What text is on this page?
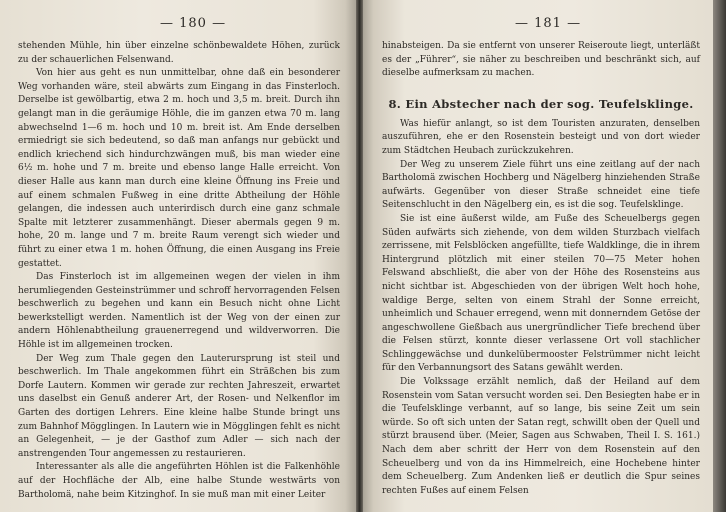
— 180 —

stehenden Mühle, hin über einzelne schönbewaldete Höhen, zurück zu der schauerlichen Felsenwand.

Von hier aus geht es nun unmittelbar, ohne daß ein besonderer Weg vorhanden wäre, steil abwärts zum Eingang in das Finsterloch. Derselbe ist gewölbartig, etwa 2 m. hoch und 3,5 m. breit. Durch ihn gelangt man in die geräumige Höhle, die im ganzen etwa 70 m. lang abwechselnd 1—6 m. hoch und 10 m. breit ist. Am Ende derselben ermiedrigt sie sich bedeutend, so daß man anfangs nur gebückt und endlich kriechend sich hindurchzwängen muß, bis man wieder eine 6½ m. hohe und 7 m. breite und ebenso lange Halle erreicht. Von dieser Halle aus kann man durch eine kleine Öffnung ins Freie und auf einem schmalen Fußweg in eine dritte Abtheilung der Höhle gelangen, die indessen auch unterirdisch durch eine ganz schmale Spalte mit letzterer zusammenhängt. Dieser abermals gegen 9 m. hohe, 20 m. lange und 7 m. breite Raum verengt sich wieder und führt zu einer etwa 1 m. hohen Öffnung, die einen Ausgang ins Freie gestattet.

Das Finsterloch ist im allgemeinen wegen der vielen in ihm herumliegenden Gesteinstrümmer und schroff hervorragenden Felsen beschwerlich zu begehen und kann ein Besuch nicht ohne Licht bewerkstelligt werden. Namentlich ist der Weg von der einen zur andern Höhlenabtheilung grauenerregend und wildverworren. Die Höhle ist im allgemeinen trocken.

Der Weg zum Thale gegen den Lauterursprung ist steil und beschwerlich. Im Thale angekommen führt ein Sträßchen bis zum Dorfe Lautern. Kommen wir gerade zur rechten Jahreszeit, erwartet uns daselbst ein Genuß anderer Art, der Rosen- und Nelkenflor im Garten des dortigen Lehrers. Eine kleine halbe Stunde bringt uns zum Bahnhof Mögglingen. In Lautern wie in Mögglingen fehlt es nicht an Gelegenheit, — je der Gasthof zum Adler — sich nach der anstrengenden Tour angemessen zu restaurieren.

Interessanter als alle die angeführten Höhlen ist die Falkenhöhle auf der Hochfläche der Alb, eine halbe Stunde westwärts von Bartholomä, nahe beim Kitzinghof. In sie muß man mit einer Leiter

— 181 —

hinabsteigen. Da sie entfernt von unserer Reiseroute liegt, unterläßt es der „Führer“, sie näher zu beschreiben und beschränkt sich, auf dieselbe aufmerksam zu machen.

8. Ein Abstecher nach der sog. Teufelsklinge.

Was hiefür anlangt, so ist dem Touristen anzuraten, denselben auszuführen, ehe er den Rosenstein besteigt und von dort wieder zum Städtchen Heubach zurückzukehren.

Der Weg zu unserem Ziele führt uns eine zeitlang auf der nach Bartholomä zwischen Hochberg und Nägelberg hinziehenden Straße aufwärts. Gegenüber von dieser Straße schneidet eine tiefe Seitenschlucht in den Nägelberg ein, es ist die sog. Teufelsklinge.

Sie ist eine äußerst wilde, am Fuße des Scheuelbergs gegen Süden aufwärts sich ziehende, von dem wilden Sturzbach vielfach zerrissene, mit Felsblöcken angefüllte, tiefe Waldklinge, die in ihrem Hintergrund plötzlich mit einer steilen 70—75 Meter hohen Felswand abschließt, die aber von der Höhe des Rosensteins aus nicht sichtbar ist. Abgeschieden von der übrigen Welt hoch hohe, waldige Berge, selten von einem Strahl der Sonne erreicht, unheimlich und Schauer erregend, wenn mit donnerndem Getöse der angeschwollene Gießbach aus unergründlicher Tiefe brechend über die Felsen stürzt, konnte dieser verlassene Ort voll stachlicher Schlinggewächse und dunkelübermooster Felstrümmer nicht leicht für den Verbannungsort des Satans gewählt werden.

Die Volkssage erzählt nemlich, daß der Heiland auf dem Rosenstein vom Satan versucht worden sei. Den Besiegten habe er in die Teufelsklinge verbannt, auf so lange, bis seine Zeit um sein würde. So oft sich unten der Satan regt, schwillt oben der Quell und stürzt brausend über. (Meier, Sagen aus Schwaben, Theil I. S. 161.) Nach dem aber schritt der Herr von dem Rosenstein auf den Scheuelberg und von da ins Himmelreich, eine Hochebene hinter dem Scheuelberg. Zum Andenken ließ er deutlich die Spur seines rechten Fußes auf einem Felsen
